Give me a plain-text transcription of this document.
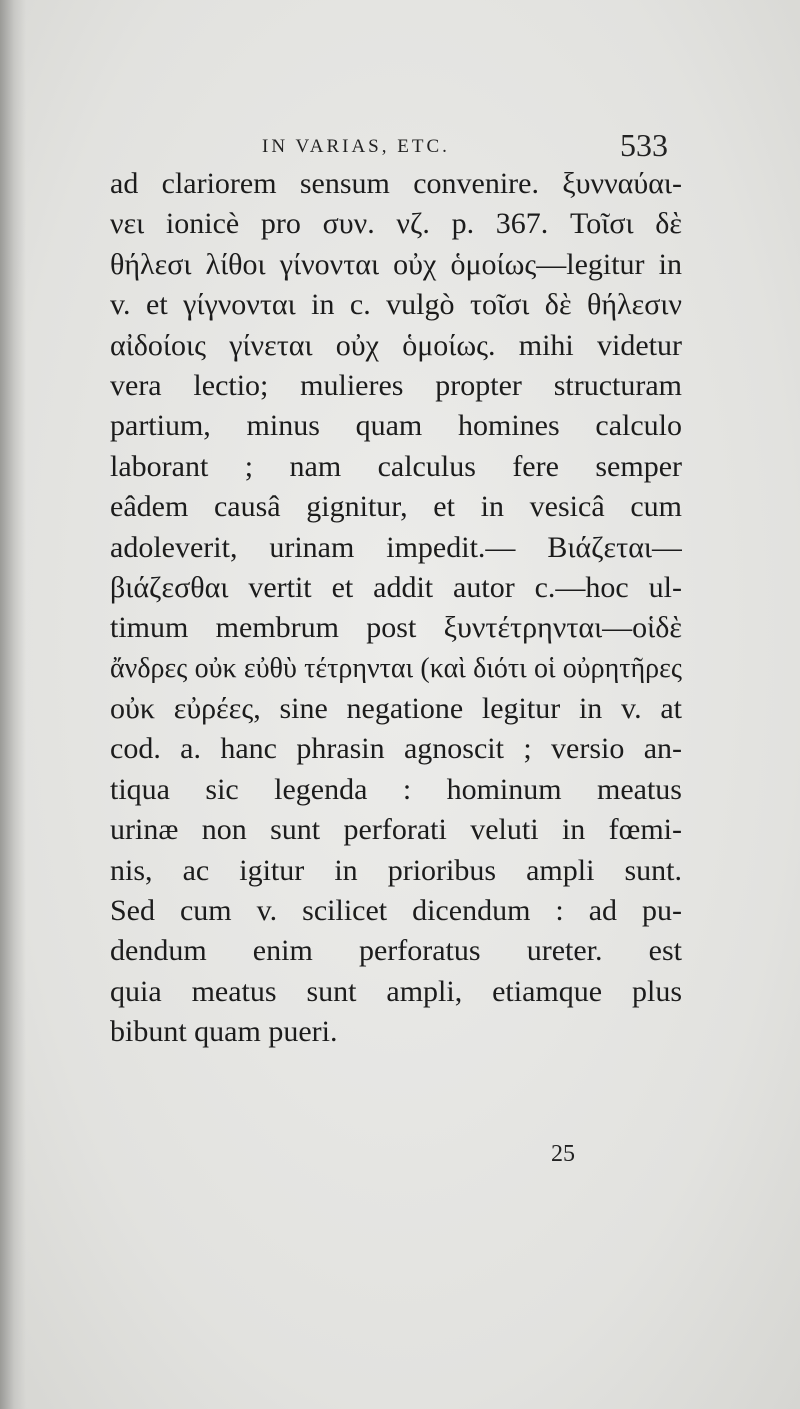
IN VARIAS, ETC.	533
ad clariorem sensum convenire. ξυνναύαι-
νει ionicè pro συν. νζ. p. 367. Τοῖσι δὲ
θήλεσι λίθοι γίνονται οὐχ ὁμοίως—legitur in
v. et γίγνονται in c. vulgò τοῖσι δὲ θήλεσιν
αἰδοίοις γίνεται οὐχ ὁμοίως. mihi videtur
vera lectio; mulieres propter structuram
partium, minus quam homines calculo
laborant ; nam calculus fere semper
eâdem causâ gignitur, et in vesicâ cum
adoleverit, urinam impedit.— Βιάζεται—
βιάζεσθαι vertit et addit autor c.—hoc ul-
timum membrum post ξυντέτρηνται—οἱδὲ
ἄνδρες οὐκ εὐθὺ τέτρηνται (καὶ διότι οἱ οὐρητῆρες
οὐκ εὐρέες, sine negatione legitur in v. at
cod. a. hanc phrasin agnoscit ; versio an-
tiqua sic legenda : hominum meatus
urinæ non sunt perforati veluti in fœmi-
nis, ac igitur in prioribus ampli sunt.
Sed cum v. scilicet dicendum : ad pu-
dendum enim perforatus ureter. est
quia meatus sunt ampli, etiamque plus
bibunt quam pueri.
25
